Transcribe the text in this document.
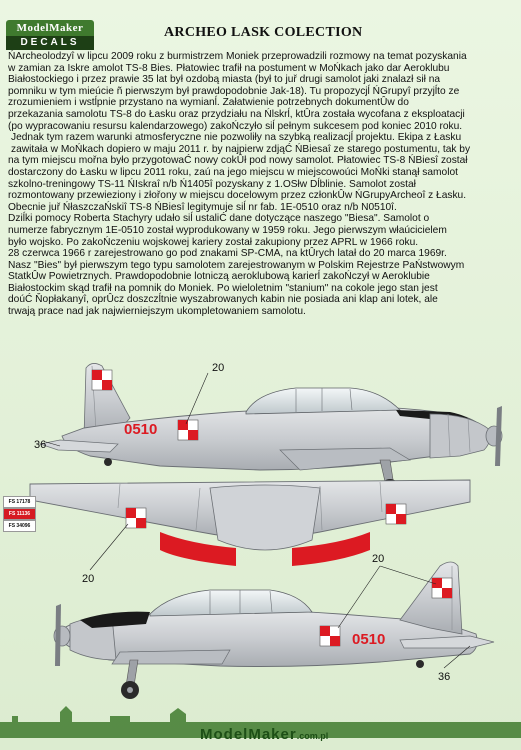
ModelMaker
DECALS
ARCHEO LASK COLECTION

ŃArcheolodzyî w lipcu 2009 roku z burmistrzem Moniek przeprowadzili rozmowy na temat pozyskania

w zamian za Iskre amolot TS-8 Bies. Płatowiec trafił na postument w MoŃkach jako dar Aeroklubu

Białostockiego i przez prawie 35 lat był ozdobą miasta (był to juř drugi samolot jaki znalazł sił na

pomniku w tym mieúcie ñ pierwszym był prawdopodobnie Jak-18). Tu propozycjĺ ŃGrupyî przyjĺto ze

zrozumieniem i wstĺpnie przystano na wymianĺ. Załatwienie potrzebnych dokumentÛw do

przekazania samolotu TS-8 do Łasku oraz przydziału na Ńlskrĺ, ktÛra została wycofana z eksploatacji

(po wypracowaniu resursu kalendarzowego) zakoŃczyło siĺ pełnym sukcesem pod koniec 2010 roku.

Jednak tym razem warunki atmosferyczne nie pozwoliły na szybką realizacjĺ projektu. Ekipa z Łasku

zawitała w MoŃkach dopiero w maju 2011 r. by najpierw zdjąĆ ŃBiesaî ze starego postumentu, tak by

na tym miejscu mořna było przygotowaĆ nowy cokÛł pod nowy samolot. Płatowiec TS-8 ŃBiesî został

dostarczony do Łasku w lipcu 2011 roku, zaú na jego miejscu w miejscowoúci MoŃki stanął samolot

szkolno-treningowy TS-11 ŃIskraî n/b Ń1405î pozyskany z 1.OSłw Dĺblinie. Samolot został

rozmontowany przewieziony i złořony w miejscu docelowym przez członkÛw ŃGrupyArcheoî z Łasku.

Obecnie juř ŃłaszczaŃskiî TS-8 ŃBiesî legitymuje siĺ nr fab. 1E-0510 oraz n/b N0510î.

Dziĺki pomocy Roberta Stachyry udało siĺ ustaliĆ dane dotyczące naszego "Biesa". Samolot o

numerze fabrycznym 1E-0510 został wyprodukowany w 1959 roku. Jego pierwszym właúcicielem

było wojsko. Po zakoŃczeniu wojskowej kariery został zakupiony przez APRL w 1966 roku.

28 czerwca 1966 r zarejestrowano go pod znakami SP-CMA, na ktÛrych latał do 20 marca 1969r.

Nasz "Bies" był pierwszym tego typu samolotem zarejestrowanym w Polskim Rejestrze PaŃstwowym

StatkÛw Powietrznych. Prawdopodobnie lotniczą aeroklubową karierĺ zakoŃczył w Aeroklubie

Białostockim skąd trafił na pomnik do Moniek. Po wieloletnim "stanium" na cokole jego stan jest

doúĆ Ňopłakanyî, oprÛcz doszczĺtnie wyszabrowanych kabin nie posiada ani klap ani lotek, ale

trwają prace nad jak najwierniejszym ukompletowaniem samolotu.

0510
20
36
20
0510
20
36
FS 17178
FS 11136
FS 34096
ModelMaker.com.pl
